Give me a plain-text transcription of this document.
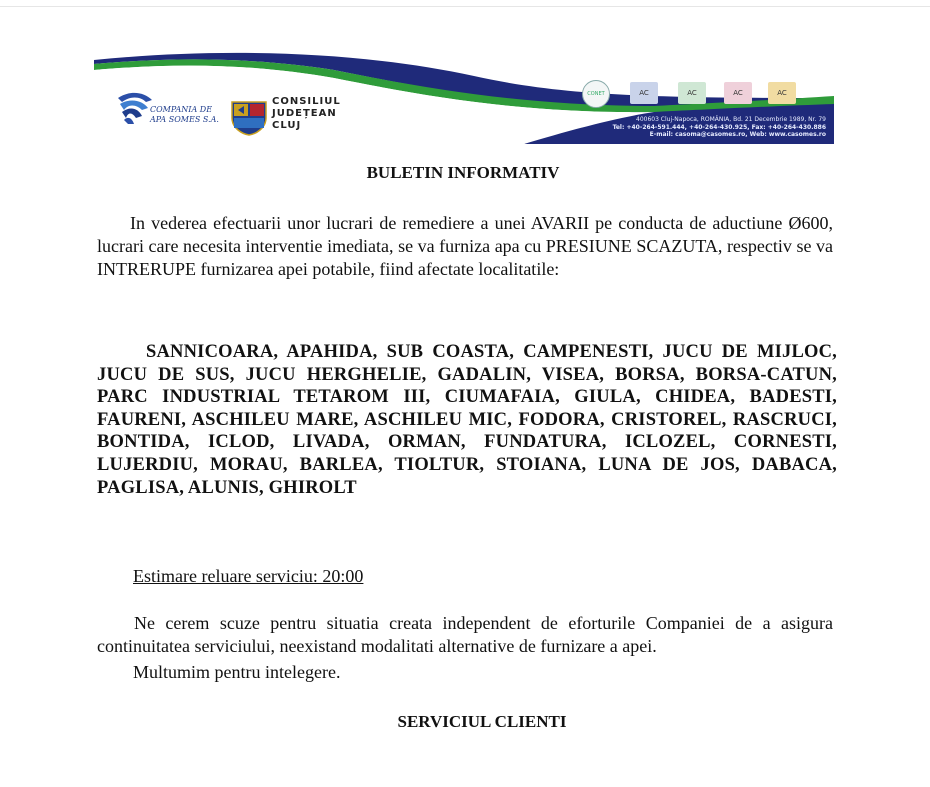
COMPANIA DE APA SOMES S.A.
CONSILIUL
JUDEȚEAN
CLUJ
CONET	AC	AC	AC	AC
400603 Cluj-Napoca, ROMÂNIA, Bd. 21 Decembrie 1989, Nr. 79
Tel: +40-264-591.444, +40-264-430.925, Fax: +40-264-430.886
E-mail: casoma@casomes.ro, Web: www.casomes.ro
BULETIN INFORMATIV
In vederea efectuarii unor lucrari de remediere a unei AVARII pe conducta de aductiune Ø600, lucrari care necesita interventie imediata, se va furniza apa cu PRESIUNE SCAZUTA, respectiv se va INTRERUPE furnizarea apei potabile, fiind afectate localitatile:
SANNICOARA, APAHIDA, SUB COASTA, CAMPENESTI, JUCU DE MIJLOC, JUCU DE SUS, JUCU HERGHELIE, GADALIN, VISEA, BORSA, BORSA-CATUN, PARC INDUSTRIAL TETAROM III, CIUMAFAIA, GIULA, CHIDEA, BADESTI, FAURENI, ASCHILEU MARE, ASCHILEU MIC, FODORA, CRISTOREL, RASCRUCI, BONTIDA, ICLOD, LIVADA, ORMAN, FUNDATURA, ICLOZEL, CORNESTI, LUJERDIU, MORAU, BARLEA, TIOLTUR, STOIANA, LUNA DE JOS, DABACA, PAGLISA, ALUNIS, GHIROLT
Estimare reluare serviciu: 20:00
Ne cerem scuze pentru situatia creata independent de eforturile Companiei de a asigura continuitatea serviciului, neexistand modalitati alternative de furnizare a apei.
Multumim pentru intelegere.
SERVICIUL CLIENTI
